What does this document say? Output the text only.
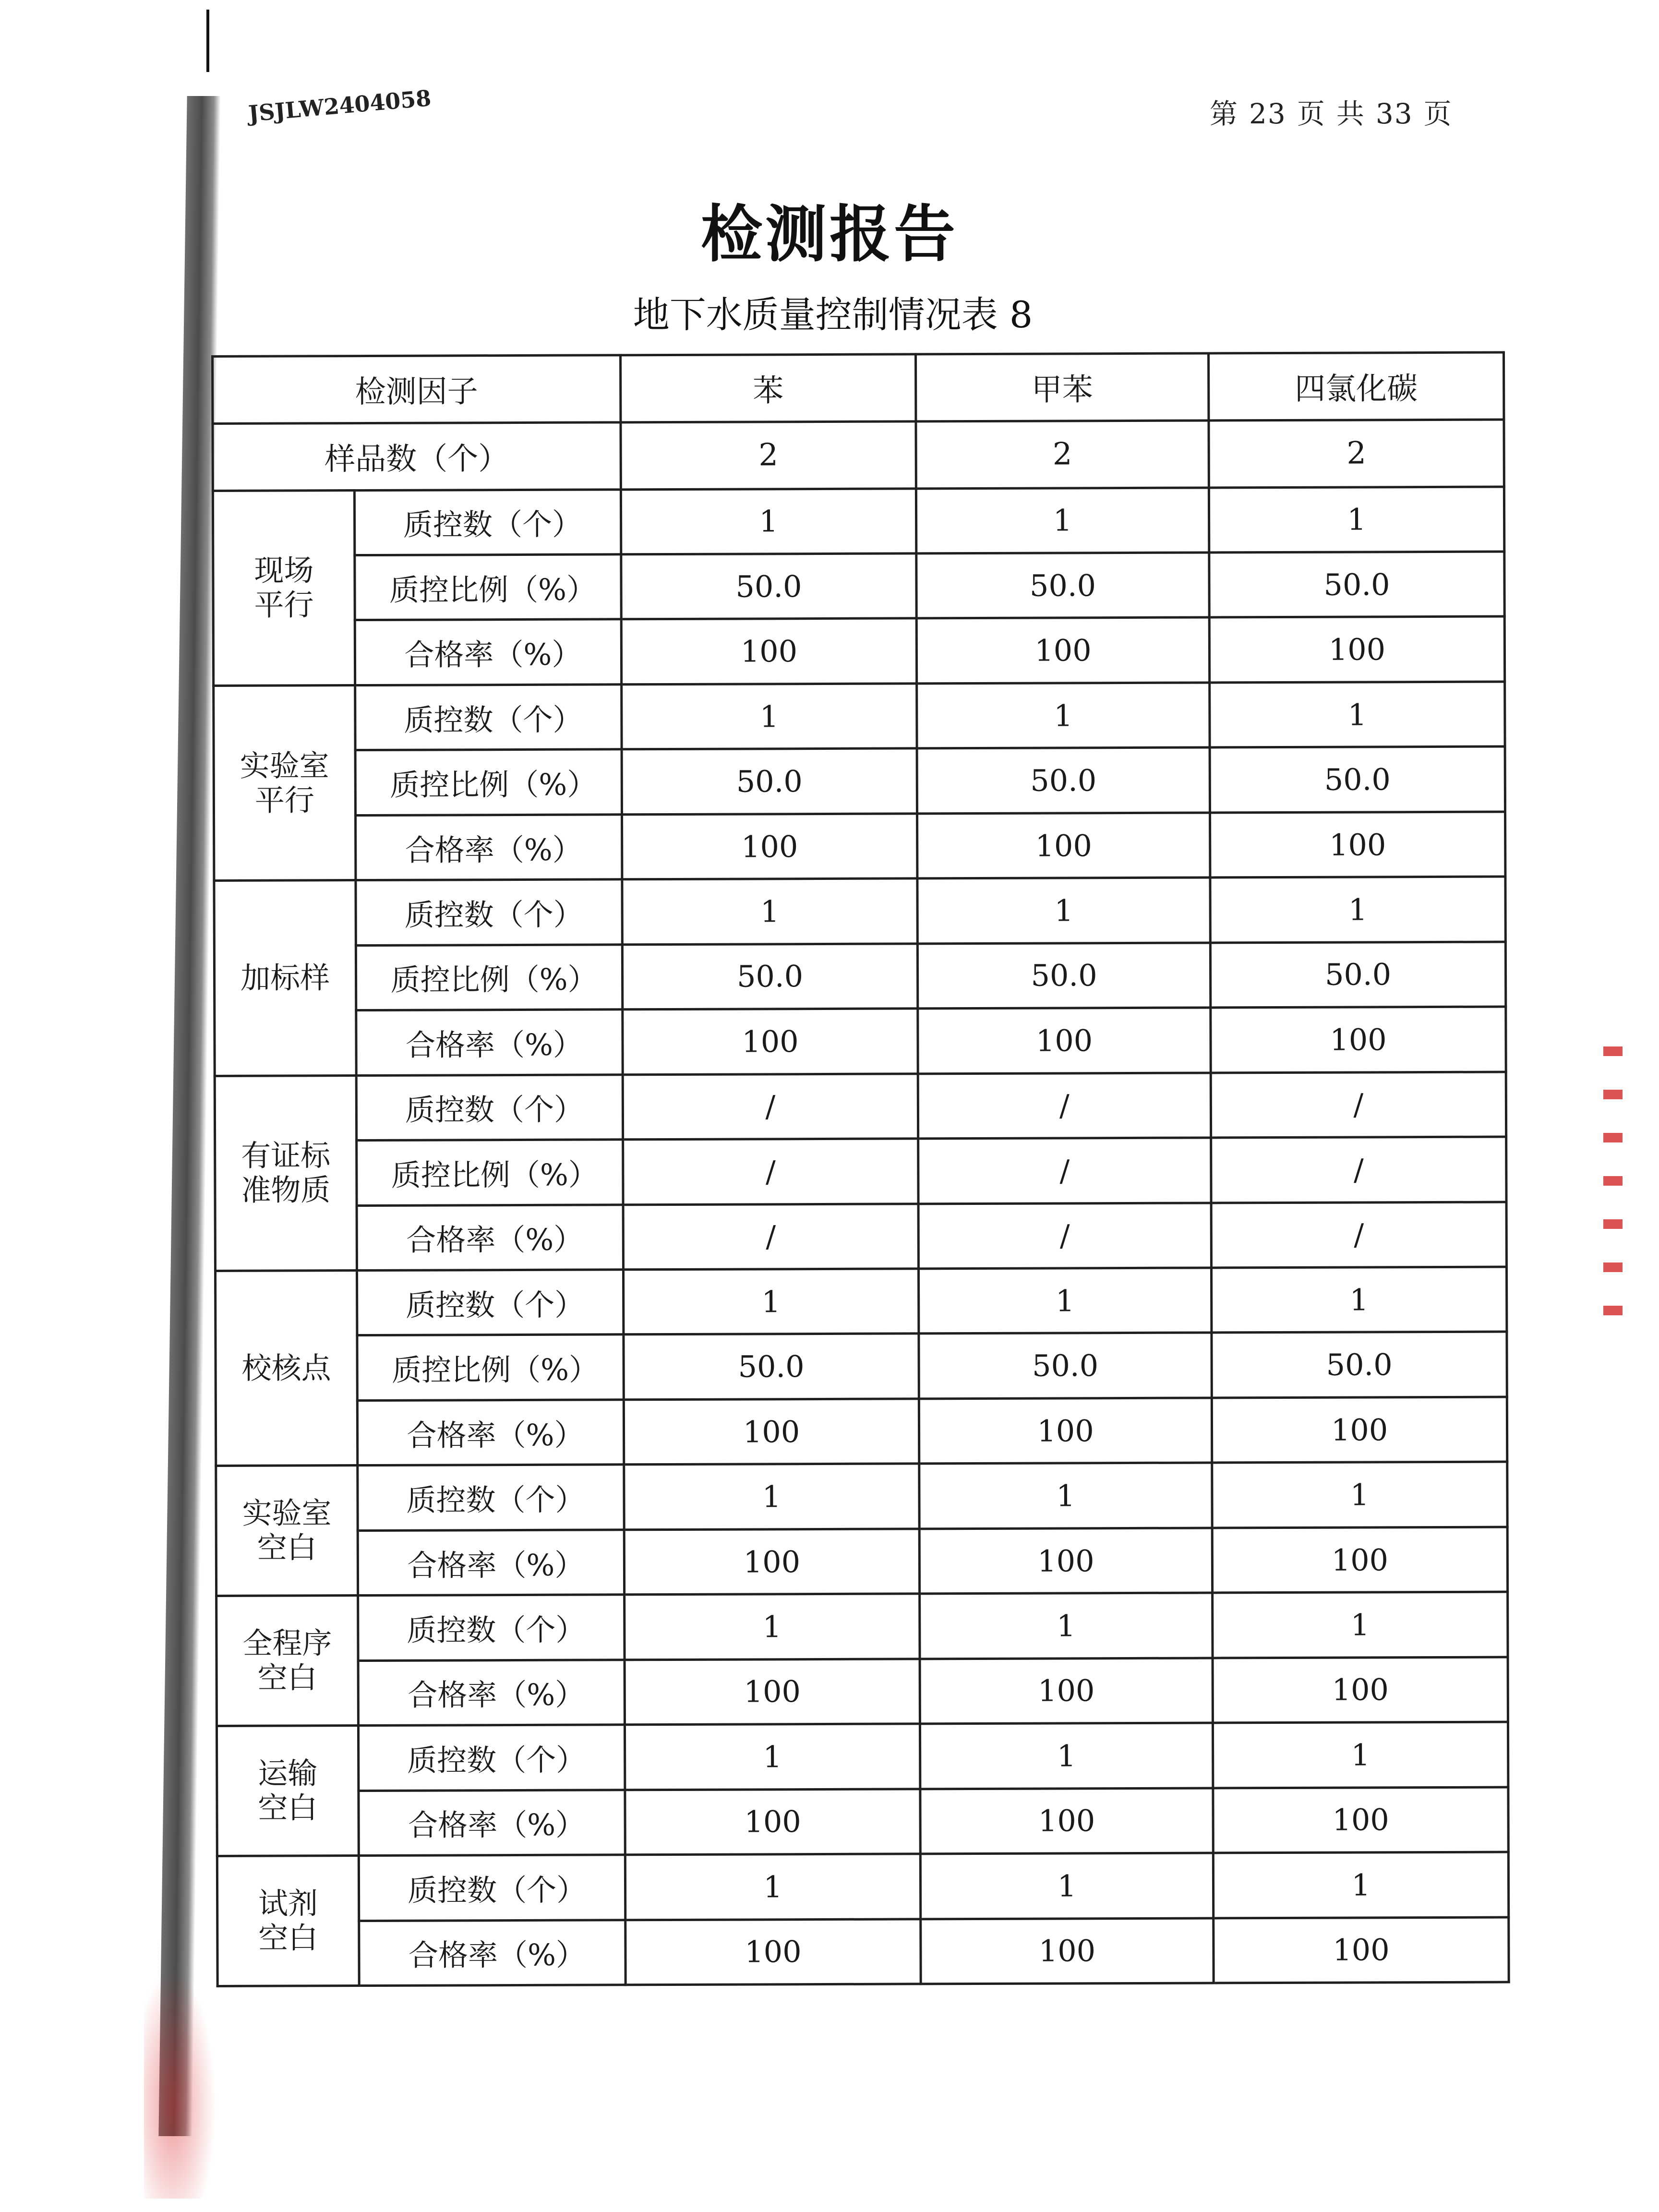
JSJLW2404058	第 23 页 共 33 页
检测报告
地下水质量控制情况表 8
检测因子		苯	甲苯	四氯化碳
样品数（个）		2	2	2

现场
平行	质控数（个）	1	1	1
	质控比例（%）	50.0	50.0	50.0
	合格率（%）	100	100	100

实验室
平行	质控数（个）	1	1	1
	质控比例（%）	50.0	50.0	50.0
	合格率（%）	100	100	100

加标样	质控数（个）	1	1	1
	质控比例（%）	50.0	50.0	50.0
	合格率（%）	100	100	100

有证标
准物质	质控数（个）	/	/	/
	质控比例（%）	/	/	/
	合格率（%）	/	/	/

校核点	质控数（个）	1	1	1
	质控比例（%）	50.0	50.0	50.0
	合格率（%）	100	100	100

实验室
空白	质控数（个）	1	1	1
	合格率（%）	100	100	100

全程序
空白	质控数（个）	1	1	1
	合格率（%）	100	100	100

运输
空白	质控数（个）	1	1	1
	合格率（%）	100	100	100

试剂
空白	质控数（个）	1	1	1
	合格率（%）	100	100	100
